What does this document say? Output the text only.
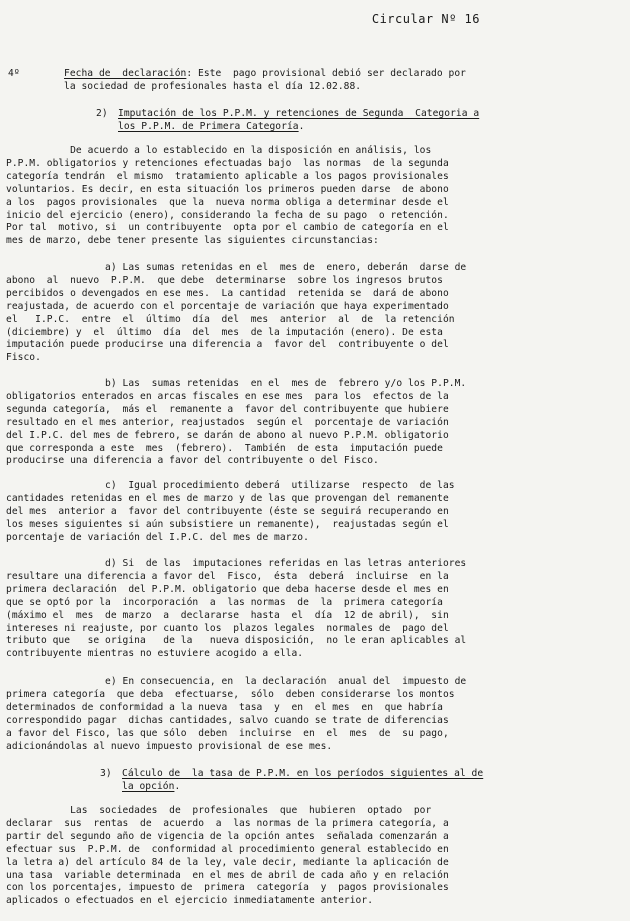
Circular Nº 16
4º	Fecha de  declaración: Este  pago provisional debió ser declarado por
la sociedad de profesionales hasta el día 12.02.88.
2) Imputación de los P.P.M. y retenciones de Segunda  Categoria a
los P.P.M. de Primera Categoría.
De acuerdo a lo establecido en la disposición en análisis, los
P.P.M. obligatorios y retenciones efectuadas bajo  las normas  de la segunda
categoría tendrán  el mismo  tratamiento aplicable a los pagos provisionales
voluntarios. Es decir, en esta situación los primeros pueden darse  de abono
a los  pagos provisionales  que la  nueva norma obliga a determinar desde el
inicio del ejercicio (enero), considerando la fecha de su pago  o retención.
Por tal  motivo, si  un contribuyente  opta por el cambio de categoría en el
mes de marzo, debe tener presente las siguientes circunstancias:
a) Las sumas retenidas en el  mes de  enero, deberán  darse de
abono  al  nuevo  P.P.M.  que debe  determinarse  sobre los ingresos brutos
percibidos o devengados en ese mes.  La cantidad  retenida se  dará de abono
reajustada, de acuerdo con el porcentaje de variación que haya experimentado
el   I.P.C.  entre  el  último  día  del  mes  anterior  al  de  la retención
(diciembre) y  el  último  día  del  mes  de la imputación (enero). De esta
imputación puede producirse una diferencia a  favor del  contribuyente o del
Fisco.
b) Las  sumas retenidas  en el  mes de  febrero y/o los P.P.M.
obligatorios enterados en arcas fiscales en ese mes  para los  efectos de la
segunda categoría,  más el  remanente a  favor del contribuyente que hubiere
resultado en el mes anterior, reajustados  según el  porcentaje de variación
del I.P.C. del mes de febrero, se darán de abono al nuevo P.P.M. obligatorio
que corresponda a este  mes  (febrero).  También  de esta  imputación puede
producirse una diferencia a favor del contribuyente o del Fisco.
c)  Igual procedimiento deberá  utilizarse  respecto  de las
cantidades retenidas en el mes de marzo y de las que provengan del remanente
del mes  anterior a  favor del contribuyente (éste se seguirá recuperando en
los meses siguientes si aún subsistiere un remanente),  reajustadas según el
porcentaje de variación del I.P.C. del mes de marzo.
d) Si  de las  imputaciones referidas en las letras anteriores
resultare una diferencia a favor del  Fisco,  ésta  deberá  incluirse  en la
primera declaración  del P.P.M. obligatorio que deba hacerse desde el mes en
que se optó por la  incorporación  a  las normas  de  la  primera categoría
(máximo el  mes  de marzo  a  declararse  hasta  el  día  12 de abril),  sin
intereses ni reajuste, por cuanto los  plazos legales  normales de  pago del
tributo que   se origina   de la   nueva disposición,  no le eran aplicables al
contribuyente mientras no estuviere acogido a ella.
e) En consecuencia, en  la declaración  anual del  impuesto de
primera categoría  que deba  efectuarse,  sólo  deben considerarse los montos
determinados de conformidad a la nueva  tasa  y  en  el mes  en  que habría
correspondido pagar  dichas cantidades, salvo cuando se trate de diferencias
a favor del Fisco, las que sólo  deben  incluirse  en  el  mes  de  su pago,
adicionándolas al nuevo impuesto provisional de ese mes.
3) Cálculo de  la tasa de P.P.M. en los períodos siguientes al de
la opción.
Las  sociedades  de  profesionales  que  hubieren  optado  por
declarar  sus  rentas  de  acuerdo  a  las normas de la primera categoría, a
partir del segundo año de vigencia de la opción antes  señalada comenzarán a
efectuar sus  P.P.M. de  conformidad al procedimiento general establecido en
la letra a) del artículo 84 de la ley, vale decir, mediante la aplicación de
una tasa  variable determinada  en el mes de abril de cada año y en relación
con los porcentajes, impuesto de  primera  categoría  y  pagos provisionales
aplicados o efectuados en el ejercicio inmediatamente anterior.
